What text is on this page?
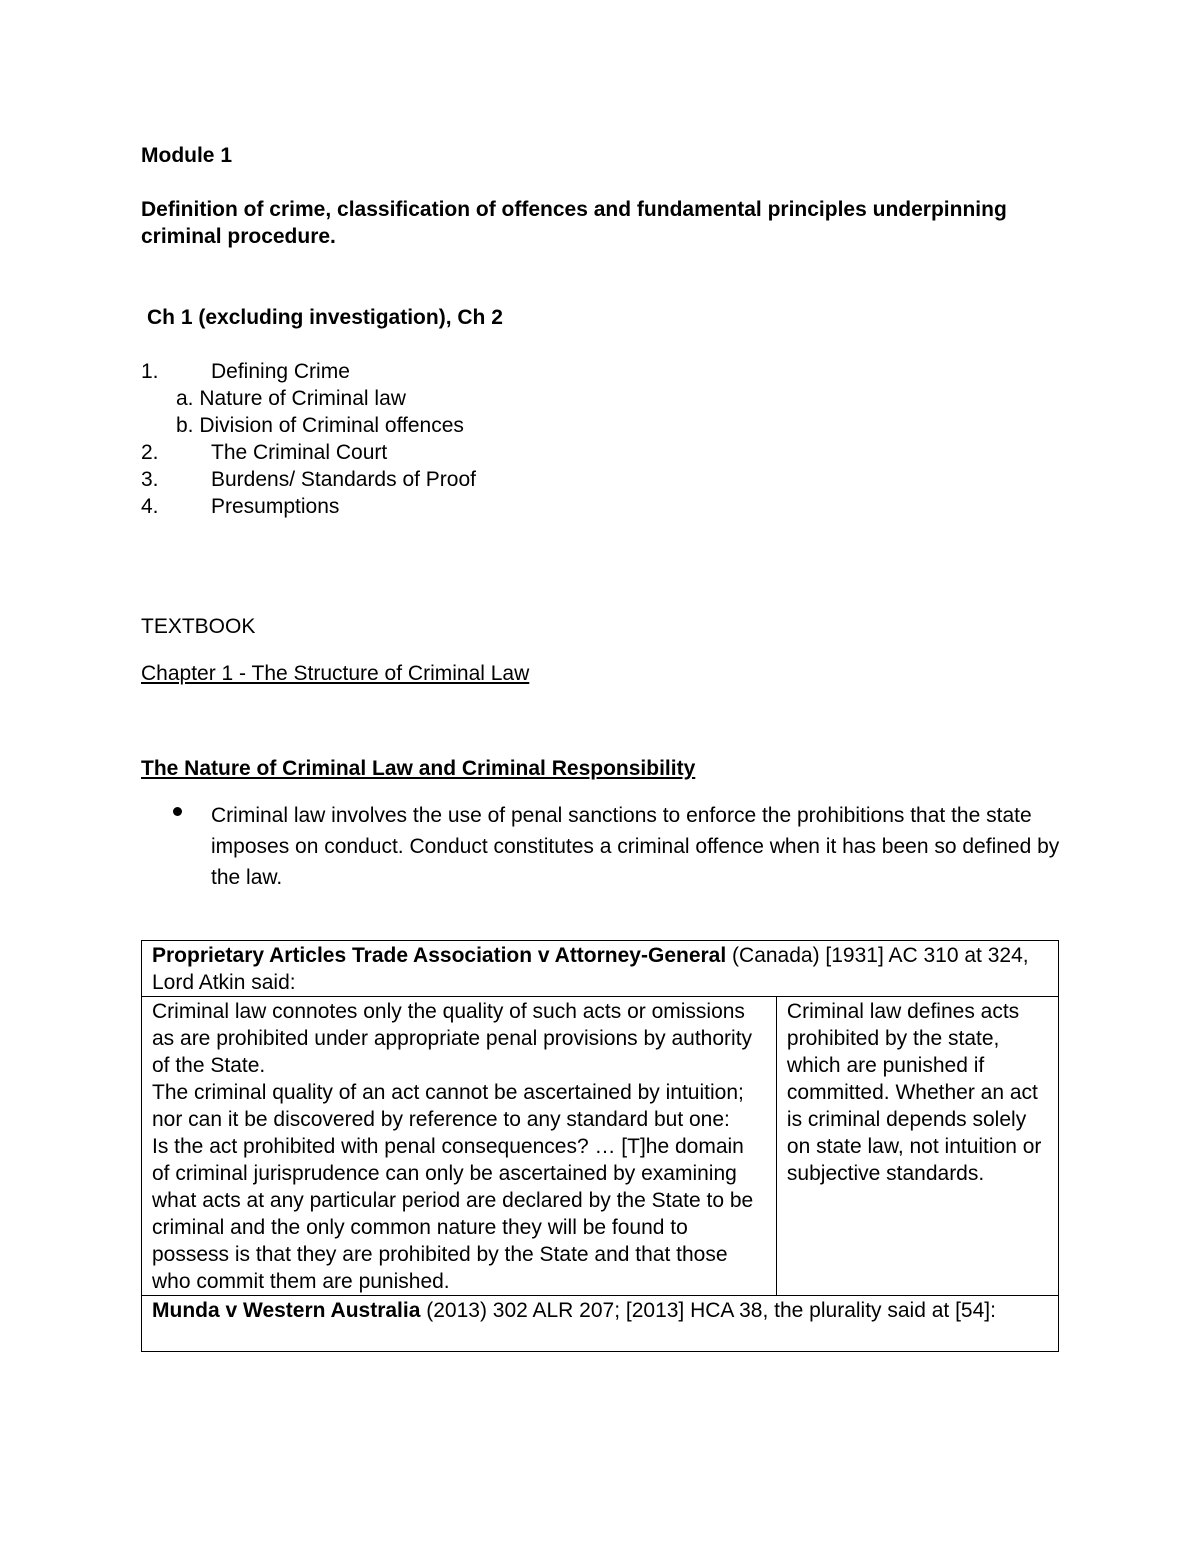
Module 1

Definition of crime, classification of offences and fundamental principles underpinning criminal procedure.

Ch 1 (excluding investigation), Ch 2

1. Defining Crime
a. Nature of Criminal law
b. Division of Criminal offences
2. The Criminal Court
3. Burdens/ Standards of Proof
4. Presumptions

TEXTBOOK

Chapter 1 - The Structure of Criminal Law

The Nature of Criminal Law and Criminal Responsibility

Criminal law involves the use of penal sanctions to enforce the prohibitions that the state imposes on conduct. Conduct constitutes a criminal offence when it has been so defined by the law.

Proprietary Articles Trade Association v Attorney-General (Canada) [1931] AC 310 at 324, Lord Atkin said:

Criminal law connotes only the quality of such acts or omissions as are prohibited under appropriate penal provisions by authority of the State.
The criminal quality of an act cannot be ascertained by intuition; nor can it be discovered by reference to any standard but one:
Is the act prohibited with penal consequences? … [T]he domain of criminal jurisprudence can only be ascertained by examining what acts at any particular period are declared by the State to be criminal and the only common nature they will be found to possess is that they are prohibited by the State and that those who commit them are punished.
	Criminal law defines acts prohibited by the state, which are punished if committed. Whether an act is criminal depends solely on state law, not intuition or subjective standards.
Munda v Western Australia (2013) 302 ALR 207; [2013] HCA 38, the plurality said at [54]:
